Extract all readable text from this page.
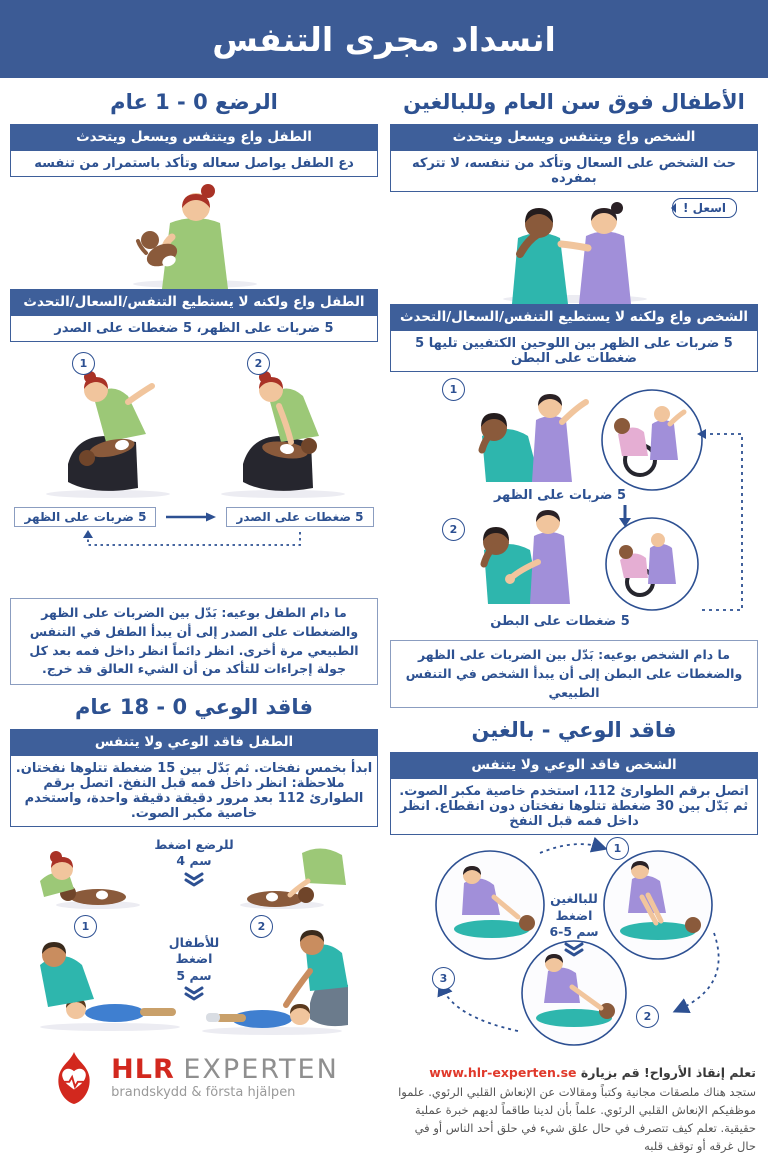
انسداد مجرى التنفس
الأطفال فوق سن العام وللبالغين
الشخص واع ويتنفس ويسعل ويتحدث
حث الشخص على السعال وتأكد من تنفسه، لا تتركه بمفرده
اسعل !
الشخص واع ولكنه لا يستطيع التنفس/السعال/التحدث
5 ضربات على الظهر بين اللوحين الكتفيين تليها 5 ضغطات على البطن
1
5 ضربات على الظهر
2
5 ضغطات على البطن
ما دام الشخص بوعيه: بَدّل بين الضربات على الظهر والضغطات على البطن إلى أن يبدأ الشخص في التنفس الطبيعي
فاقد الوعي - بالغين
الشخص فاقد الوعي ولا يتنفس
اتصل برقم الطوارئ 112، استخدم خاصية مكبر الصوت. ثم بَدّل بين 30 ضغطة تتلوها نفختان دون انقطاع. انظر داخل فمه قبل النفخ
1
2
3
للبالغين اضغط
6-5 سم
تعلم إنقاذ الأرواح! قم بزيارة www.hlr-experten.se

ستجد هناك ملصقات مجانية وكتباً ومقالات عن الإنعاش القلبي الرئوي. علموا موظفيكم الإنعاش القلبي الرئوي. علماً بأن لدينا طاقماً لديهم خبرة عملية حقيقية. تعلم كيف تتصرف في حال علق شيء في حلق أحد الناس أو في حال غرقه أو توقف قلبه

الرضع 0 - 1 عام
الطفل واع ويتنفس ويسعل ويتحدث
دع الطفل يواصل سعاله وتأكد باستمرار من تنفسه
الطفل واع ولكنه لا يستطيع التنفس/السعال/التحدث
5 ضربات على الظهر، 5 ضغطات على الصدر
1	2
5 ضربات على الظهر	5 ضغطات على الصدر
ما دام الطفل بوعيه: بَدّل بين الضربات على الظهر والضغطات على الصدر إلى أن يبدأ الطفل في التنفس الطبيعي مرة أخرى. انظر دائماً انظر داخل فمه بعد كل جولة إجراءات للتأكد من أن الشيء العالق قد خرج.
فاقد الوعي 0 - 18 عام
الطفل فاقد الوعي ولا يتنفس
ابدأ بخمس نفخات. ثم بَدّل بين 15 ضغطة تتلوها نفختان. ملاحظة: انظر داخل فمه قبل النفخ. اتصل برقم الطوارئ 112 بعد مرور دقيقة دقيقة واحدة، واستخدم خاصية مكبر الصوت.
للرضع اضغط
4 سم
1	2
للأطفال اضغط
5 سم
HLR EXPERTEN
brandskydd & första hjälpen
